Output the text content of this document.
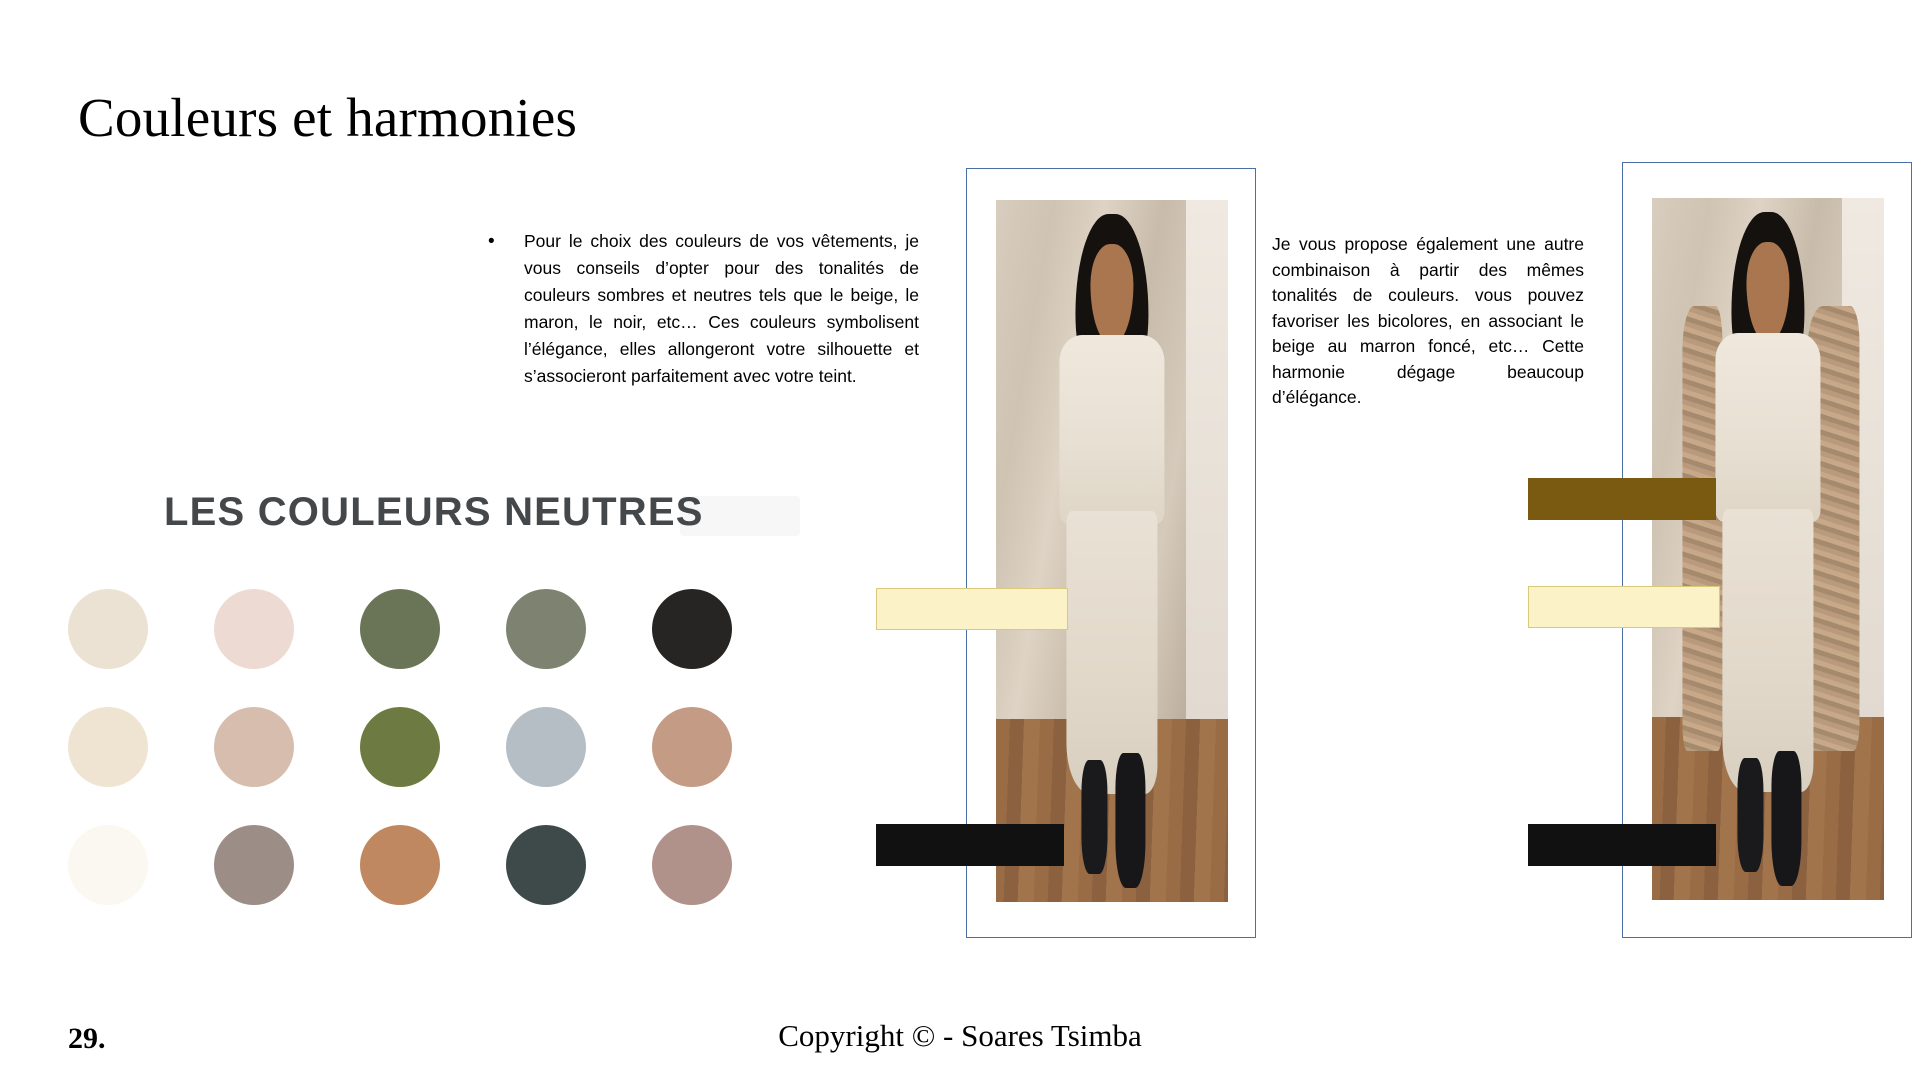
Couleurs et harmonies
•	Pour le choix des couleurs de vos vêtements, je vous conseils d’opter pour des tonalités de couleurs sombres et neutres tels que le beige, le maron, le noir, etc… Ces couleurs symbolisent l’élégance, elles allongeront votre silhouette et s’associeront parfaitement avec votre teint.
Je vous propose également une autre combinaison à partir des mêmes tonalités de couleurs. vous pouvez favoriser les bicolores, en associant le beige au marron foncé, etc… Cette harmonie dégage beaucoup d’élégance.
LES COULEURS NEUTRES
29.	Copyright © - Soares Tsimba
